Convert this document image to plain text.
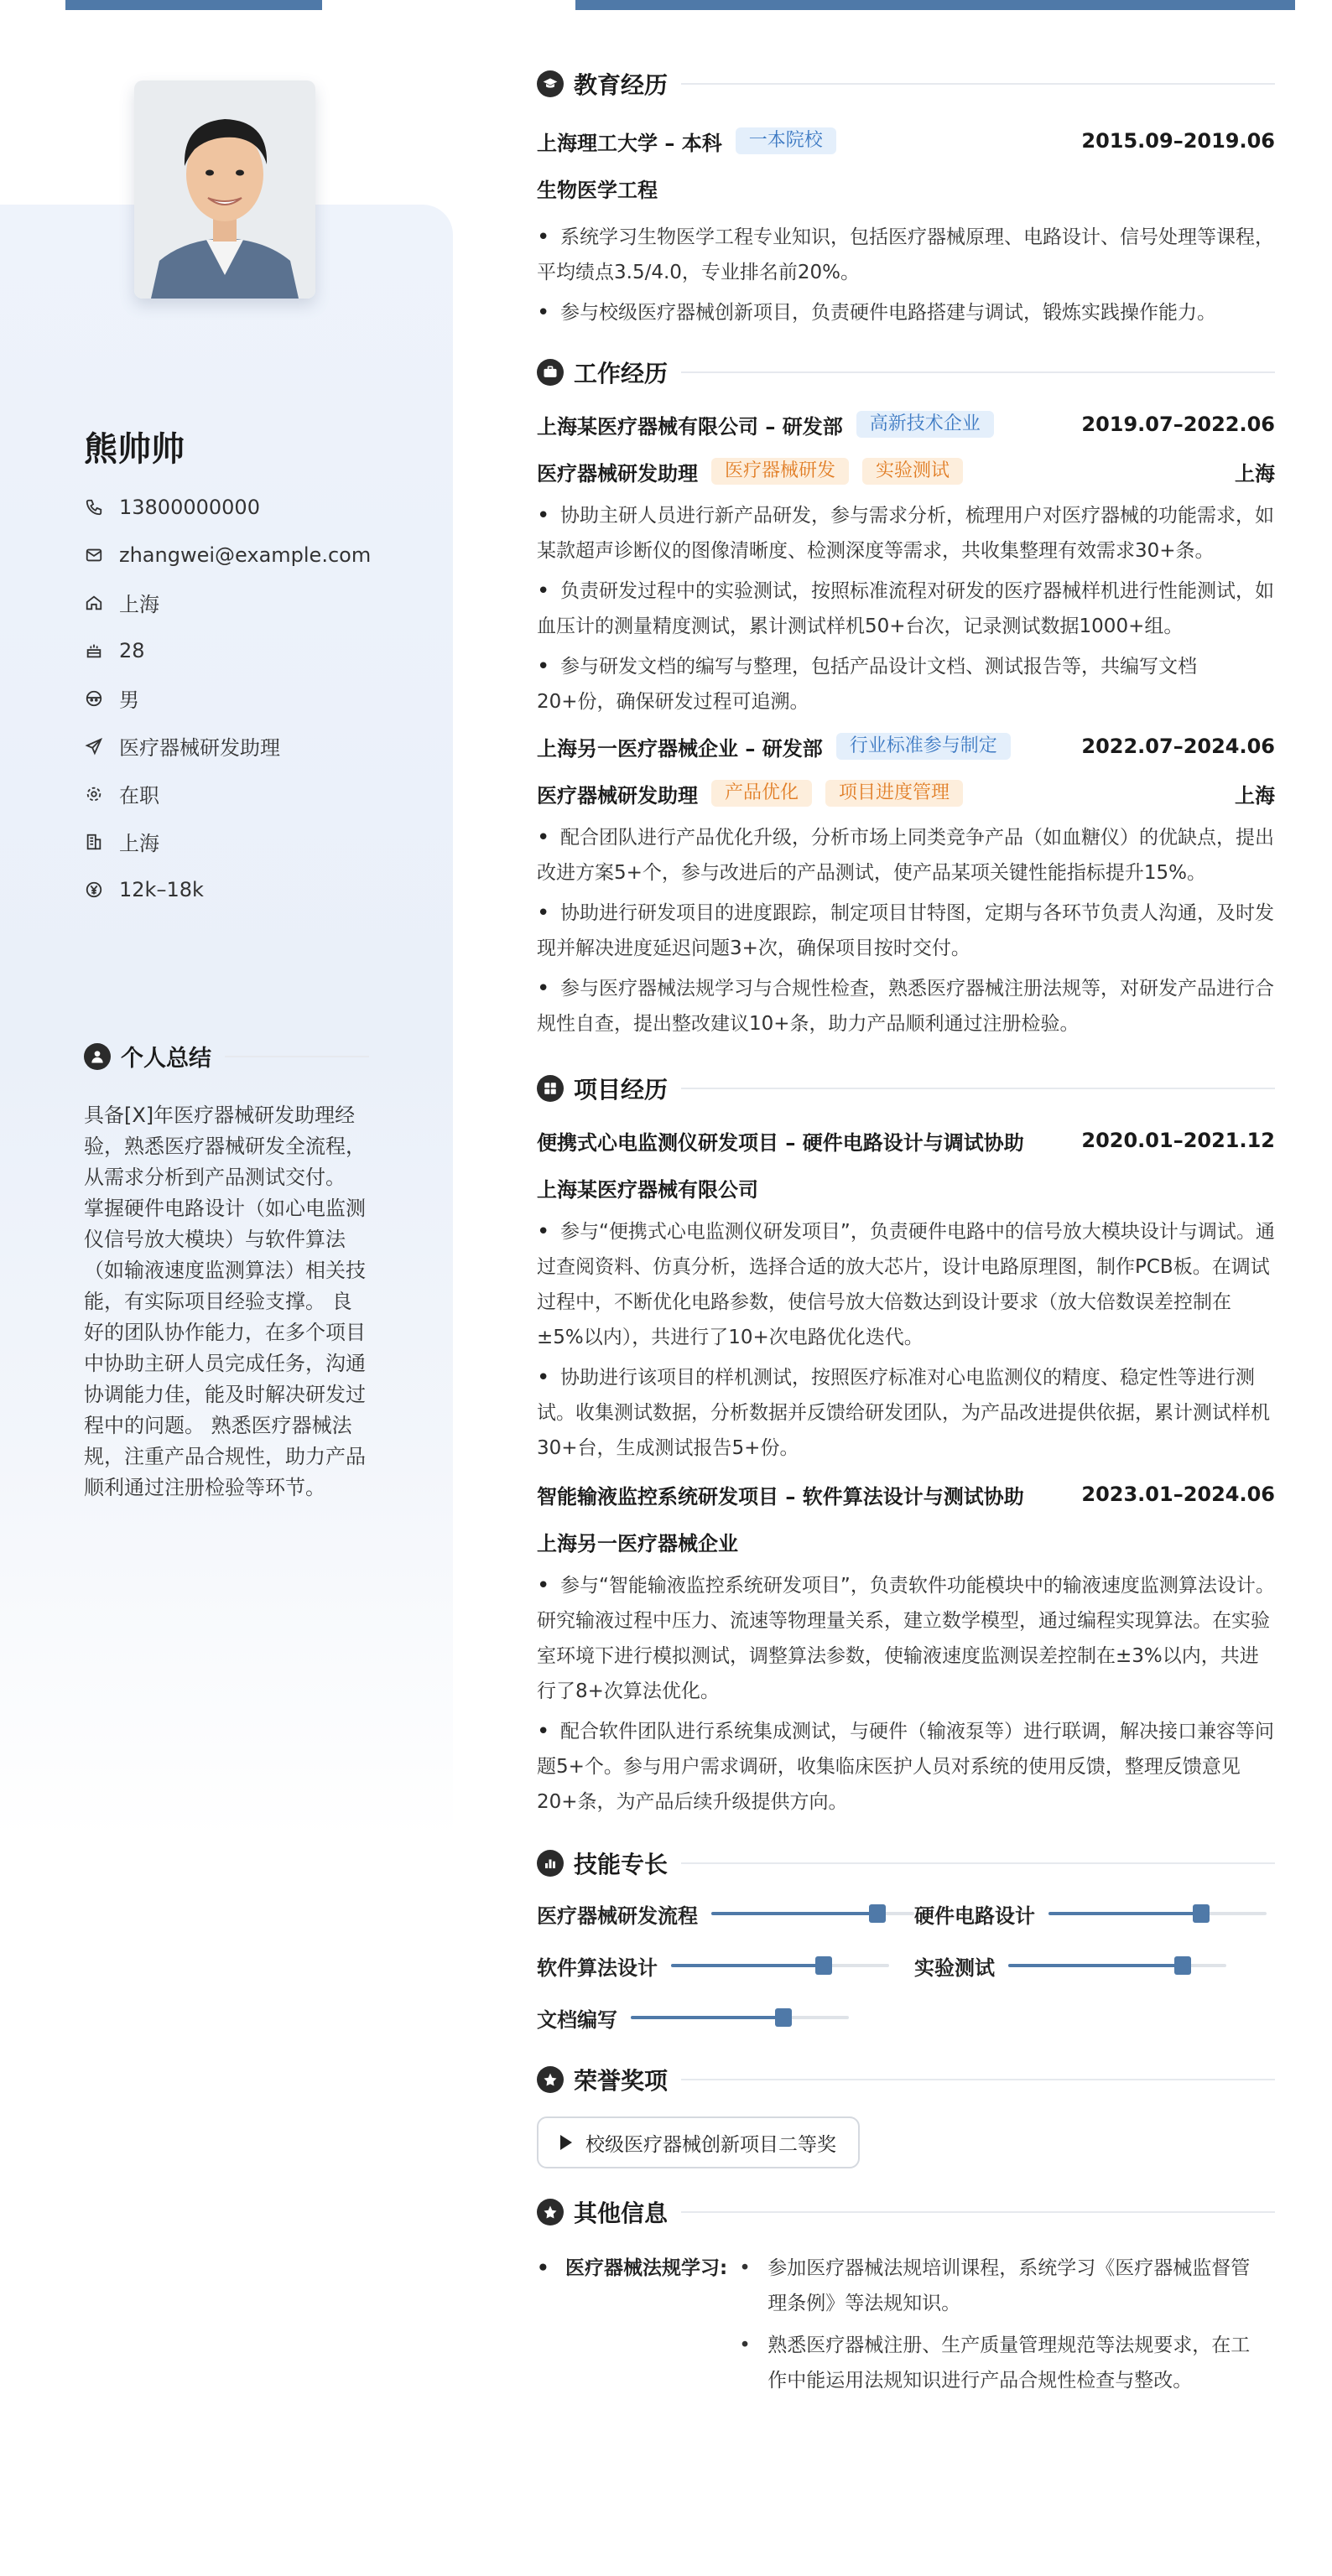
熊帅帅
13800000000
zhangwei@example.com
上海
28
男
医疗器械研发助理
在职
上海
12k–18k
个人总结

具备[X]年医疗器械研发助理经验，熟悉医疗器械研发全流程，从需求分析到产品测试交付。 掌握硬件电路设计（如心电监测仪信号放大模块）与软件算法（如输液速度监测算法）相关技能，有实际项目经验支撑。 良好的团队协作能力，在多个项目中协助主研人员完成任务，沟通协调能力佳，能及时解决研发过程中的问题。 熟悉医疗器械法规，注重产品合规性，助力产品顺利通过注册检验等环节。

教育经历
上海理工大学 – 本科	一本院校	2015.09–2019.06
生物医学工程
• 系统学习生物医学工程专业知识，包括医疗器械原理、电路设计、信号处理等课程，平均绩点3.5/4.0，专业排名前20%。
• 参与校级医疗器械创新项目，负责硬件电路搭建与调试，锻炼实践操作能力。
工作经历
上海某医疗器械有限公司 – 研发部	高新技术企业	2019.07–2022.06
医疗器械研发助理	医疗器械研发	实验测试	上海
• 协助主研人员进行新产品研发，参与需求分析，梳理用户对医疗器械的功能需求，如某款超声诊断仪的图像清晰度、检测深度等需求，共收集整理有效需求30+条。
• 负责研发过程中的实验测试，按照标准流程对研发的医疗器械样机进行性能测试，如血压计的测量精度测试，累计测试样机50+台次，记录测试数据1000+组。
• 参与研发文档的编写与整理，包括产品设计文档、测试报告等，共编写文档20+份，确保研发过程可追溯。
上海另一医疗器械企业 – 研发部	行业标准参与制定	2022.07–2024.06
医疗器械研发助理	产品优化	项目进度管理	上海
• 配合团队进行产品优化升级，分析市场上同类竞争产品（如血糖仪）的优缺点，提出改进方案5+个，参与改进后的产品测试，使产品某项关键性能指标提升15%。
• 协助进行研发项目的进度跟踪，制定项目甘特图，定期与各环节负责人沟通，及时发现并解决进度延迟问题3+次，确保项目按时交付。
• 参与医疗器械法规学习与合规性检查，熟悉医疗器械注册法规等，对研发产品进行合规性自查，提出整改建议10+条，助力产品顺利通过注册检验。
项目经历
便携式心电监测仪研发项目 – 硬件电路设计与调试协助	2020.01–2021.12
上海某医疗器械有限公司
• 参与“便携式心电监测仪研发项目”，负责硬件电路中的信号放大模块设计与调试。通过查阅资料、仿真分析，选择合适的放大芯片，设计电路原理图，制作PCB板。在调试过程中，不断优化电路参数，使信号放大倍数达到设计要求（放大倍数误差控制在±5%以内），共进行了10+次电路优化迭代。
• 协助进行该项目的样机测试，按照医疗标准对心电监测仪的精度、稳定性等进行测试。收集测试数据，分析数据并反馈给研发团队，为产品改进提供依据，累计测试样机30+台，生成测试报告5+份。
智能输液监控系统研发项目 – 软件算法设计与测试协助	2023.01–2024.06
上海另一医疗器械企业
• 参与“智能输液监控系统研发项目”，负责软件功能模块中的输液速度监测算法设计。研究输液过程中压力、流速等物理量关系，建立数学模型，通过编程实现算法。在实验室环境下进行模拟测试，调整算法参数，使输液速度监测误差控制在±3%以内，共进行了8+次算法优化。
• 配合软件团队进行系统集成测试，与硬件（输液泵等）进行联调，解决接口兼容等问题5+个。参与用户需求调研，收集临床医护人员对系统的使用反馈，整理反馈意见20+条，为产品后续升级提供方向。
技能专长
医疗器械研发流程	硬件电路设计
软件算法设计	实验测试
文档编写
荣誉奖项
校级医疗器械创新项目二等奖
其他信息
• 医疗器械法规学习:
•	参加医疗器械法规培训课程，系统学习《医疗器械监督管理条例》等法规知识。
• 熟悉医疗器械注册、生产质量管理规范等法规要求，在工作中能运用法规知识进行产品合规性检查与整改。
